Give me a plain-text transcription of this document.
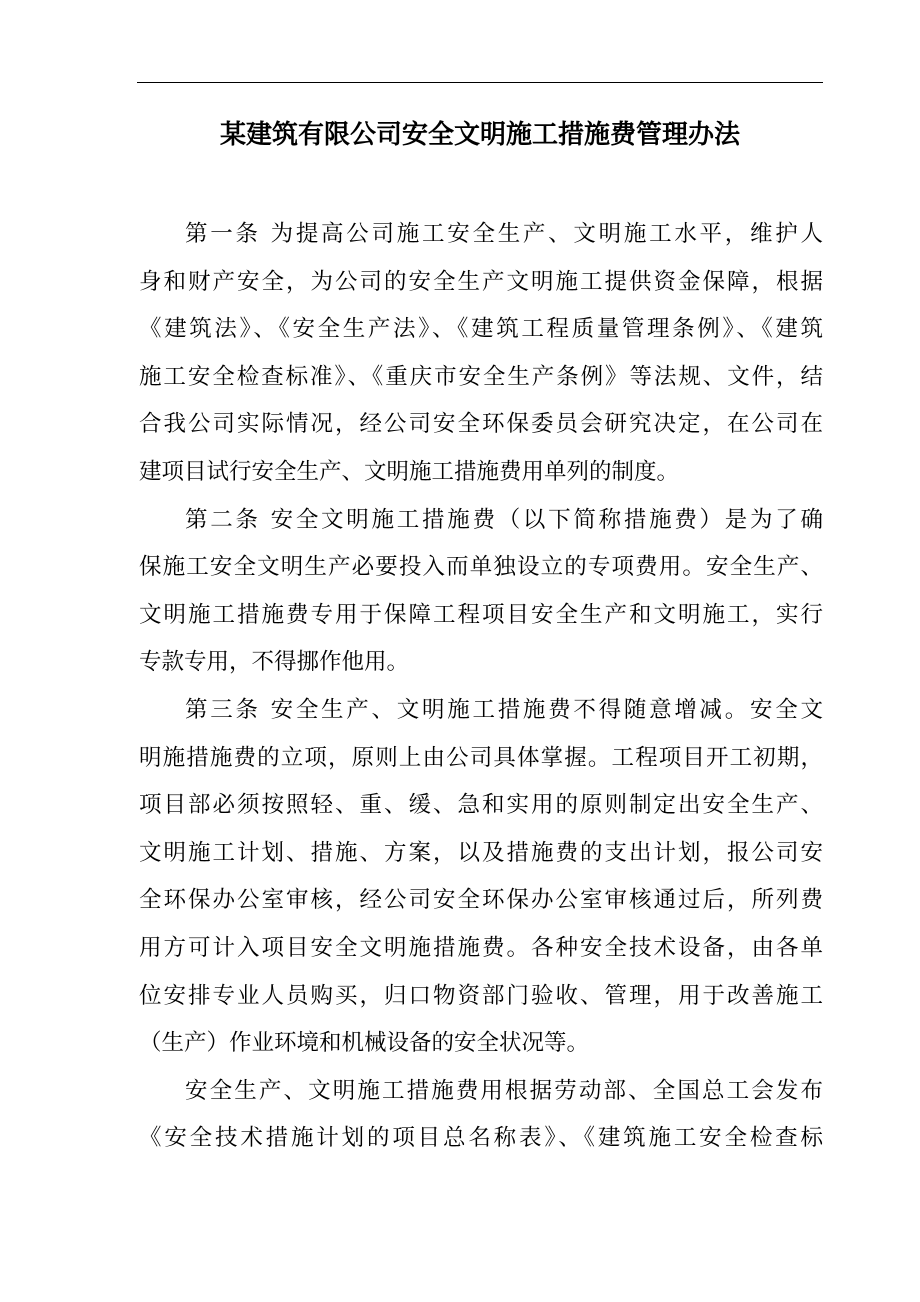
某建筑有限公司安全文明施工措施费管理办法
第一条 为提高公司施工安全生产、文明施工水平，维护人
身和财产安全，为公司的安全生产文明施工提供资金保障，根据
《建筑法》、《安全生产法》、《建筑工程质量管理条例》、《建筑
施工安全检查标准》、《重庆市安全生产条例》等法规、文件，结
合我公司实际情况，经公司安全环保委员会研究决定，在公司在
建项目试行安全生产、文明施工措施费用单列的制度。
第二条 安全文明施工措施费（以下简称措施费）是为了确
保施工安全文明生产必要投入而单独设立的专项费用。安全生产、
文明施工措施费专用于保障工程项目安全生产和文明施工，实行
专款专用，不得挪作他用。
第三条 安全生产、文明施工措施费不得随意增减。安全文
明施措施费的立项，原则上由公司具体掌握。工程项目开工初期，
项目部必须按照轻、重、缓、急和实用的原则制定出安全生产、
文明施工计划、措施、方案，以及措施费的支出计划，报公司安
全环保办公室审核，经公司安全环保办公室审核通过后，所列费
用方可计入项目安全文明施措施费。各种安全技术设备，由各单
位安排专业人员购买，归口物资部门验收、管理，用于改善施工
（生产）作业环境和机械设备的安全状况等。
安全生产、文明施工措施费用根据劳动部、全国总工会发布
《安全技术措施计划的项目总名称表》、《建筑施工安全检查标
